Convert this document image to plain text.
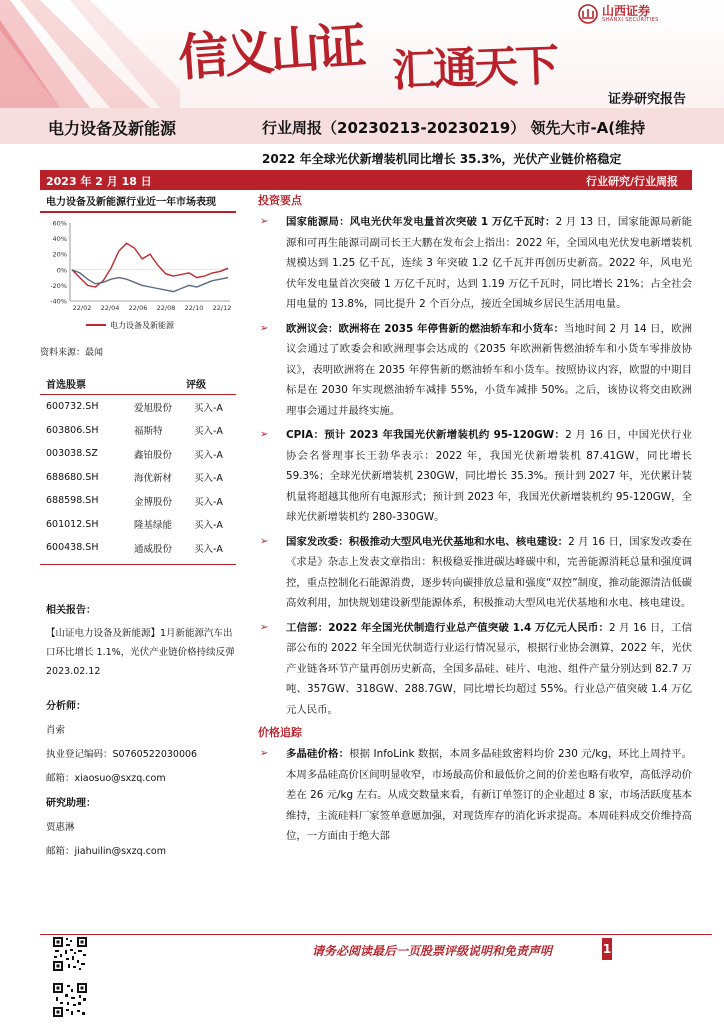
信义山证 汇通天下
山西证券
SHANXI SECURITIES
证券研究报告
电力设备及新能源	行业周报（20230213-20230219） 领先大市-A(维持
2022 年全球光伏新增装机同比增长 35.3%，光伏产业链价格稳定
2023 年 2 月 18 日	行业研究/行业周报
电力设备及新能源行业近一年市场表现
60%
40%
20%
0%
-20%
-40%
22/02 22/04 22/06 22/08 22/10 22/12
电力设备及新能源
资料来源：最闻
首选股票	评级
600732.SH	爱旭股份	买入-A
603806.SH	福斯特	买入-A
003038.SZ	鑫铂股份	买入-A
688680.SH	海优新材	买入-A
688598.SH	金博股份	买入-A
601012.SH	隆基绿能	买入-A
600438.SH	通威股份	买入-A
相关报告：
【山证电力设备及新能源】1月新能源汽车出口环比增长 1.1%，光伏产业链价格持续反弹 2023.02.12
分析师：
肖索
执业登记编码：S0760522030006
邮箱：xiaosuo@sxzq.com
研究助理：
贾惠淋
邮箱：jiahuilin@sxzq.com
投资要点
➢ 国家能源局：风电光伏年发电量首次突破 1 万亿千瓦时：2 月 13 日，国家能源局新能源和可再生能源司副司长王大鹏在发布会上指出：2022 年，全国风电光伏发电新增装机规模达到 1.25 亿千瓦，连续 3 年突破 1.2 亿千瓦并再创历史新高。2022 年，风电光伏年发电量首次突破 1 万亿千瓦时，达到 1.19 万亿千瓦时，同比增长 21%；占全社会用电量的 13.8%，同比提升 2 个百分点，接近全国城乡居民生活用电量。
➢ 欧洲议会：欧洲将在 2035 年停售新的燃油轿车和小货车：当地时间 2 月 14 日，欧洲议会通过了欧委会和欧洲理事会达成的《2035 年欧洲新售燃油轿车和小货车零排放协议》，表明欧洲将在 2035 年停售新的燃油轿车和小货车。按照协议内容，欧盟的中期目标是在 2030 年实现燃油轿车减排 55%，小货车减排 50%。之后，该协议将交由欧洲理事会通过并最终实施。
➢ CPIA：预计 2023 年我国光伏新增装机约 95-120GW：2 月 16 日，中国光伏行业协会名誉理事长王勃华表示：2022 年，我国光伏新增装机 87.41GW，同比增长 59.3%；全球光伏新增装机 230GW，同比增长 35.3%。预计到 2027 年，光伏累计装机量将超越其他所有电源形式；预计到 2023 年，我国光伏新增装机约 95-120GW，全球光伏新增装机约 280-330GW。
➢ 国家发改委：积极推动大型风电光伏基地和水电、核电建设：2 月 16 日，国家发改委在《求是》杂志上发表文章指出：积极稳妥推进碳达峰碳中和，完善能源消耗总量和强度调控，重点控制化石能源消费，逐步转向碳排放总量和强度“双控”制度，推动能源清洁低碳高效利用，加快规划建设新型能源体系，积极推动大型风电光伏基地和水电、核电建设。
➢ 工信部：2022 年全国光伏制造行业总产值突破 1.4 万亿元人民币：2 月 16 日，工信部公布的 2022 年全国光伏制造行业运行情况显示，根据行业协会测算，2022 年，光伏产业链各环节产量再创历史新高，全国多晶硅、硅片、电池、组件产量分别达到 82.7 万吨、357GW、318GW、288.7GW，同比增长均超过 55%。行业总产值突破 1.4 万亿元人民币。
价格追踪
➢ 多晶硅价格：根据 InfoLink 数据，本周多晶硅致密料均价 230 元/kg，环比上周持平。本周多晶硅高价区间明显收窄，市场最高价和最低价之间的价差也略有收窄，高低浮动价差在 26 元/kg 左右。从成交数量来看，有新订单签订的企业超过 8 家，市场活跃度基本维持，主流硅料厂家签单意愿加强，对现货库存的消化诉求提高。本周硅料成交价维持高位，一方面由于绝大部
请务必阅读最后一页股票评级说明和免责声明	1
